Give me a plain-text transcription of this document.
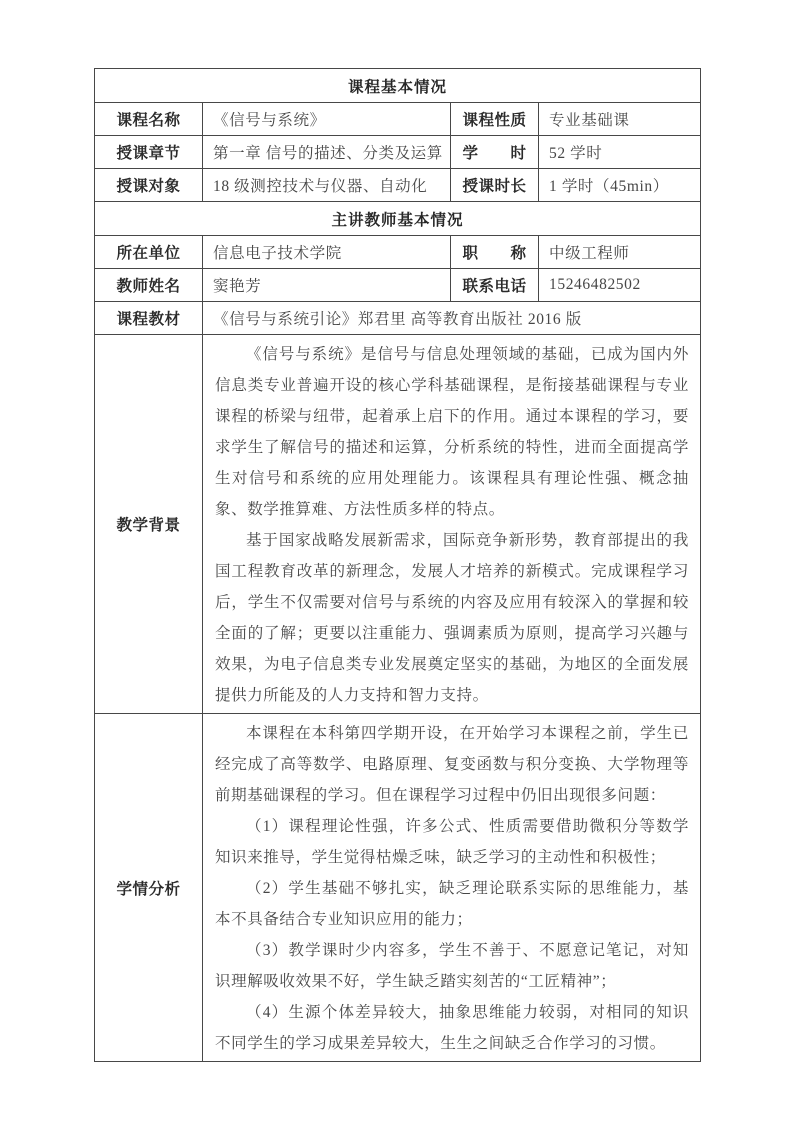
课程基本情况			
课程名称	《信号与系统》	课程性质	专业基础课
授课章节	第一章 信号的描述、分类及运算	学　　时	52 学时
授课对象	18 级测控技术与仪器、自动化	授课时长	1 学时（45min）
主讲教师基本情况			
所在单位	信息电子技术学院	职　　称	中级工程师
教师姓名	窦艳芳	联系电话	15246482502
课程教材	《信号与系统引论》郑君里 高等教育出版社 2016 版		
教学背景	《信号与系统》是信号与信息处理领域的基础，已成为国内外信息类专业普遍开设的核心学科基础课程，是衔接基础课程与专业课程的桥梁与纽带，起着承上启下的作用。通过本课程的学习，要求学生了解信号的描述和运算，分析系统的特性，进而全面提高学生对信号和系统的应用处理能力。该课程具有理论性强、概念抽象、数学推算难、方法性质多样的特点。

基于国家战略发展新需求，国际竞争新形势，教育部提出的我国工程教育改革的新理念，发展人才培养的新模式。完成课程学习后，学生不仅需要对信号与系统的内容及应用有较深入的掌握和较全面的了解；更要以注重能力、强调素质为原则，提高学习兴趣与效果，为电子信息类专业发展奠定坚实的基础，为地区的全面发展提供力所能及的人力支持和智力支持。		

学情分析	本课程在本科第四学期开设，在开始学习本课程之前，学生已经完成了高等数学、电路原理、复变函数与积分变换、大学物理等前期基础课程的学习。但在课程学习过程中仍旧出现很多问题：

（1）课程理论性强，许多公式、性质需要借助微积分等数学知识来推导，学生觉得枯燥乏味，缺乏学习的主动性和积极性；

（2）学生基础不够扎实，缺乏理论联系实际的思维能力，基本不具备结合专业知识应用的能力；

（3）教学课时少内容多，学生不善于、不愿意记笔记，对知识理解吸收效果不好，学生缺乏踏实刻苦的“工匠精神”；

（4）生源个体差异较大，抽象思维能力较弱，对相同的知识不同学生的学习成果差异较大，生生之间缺乏合作学习的习惯。		
